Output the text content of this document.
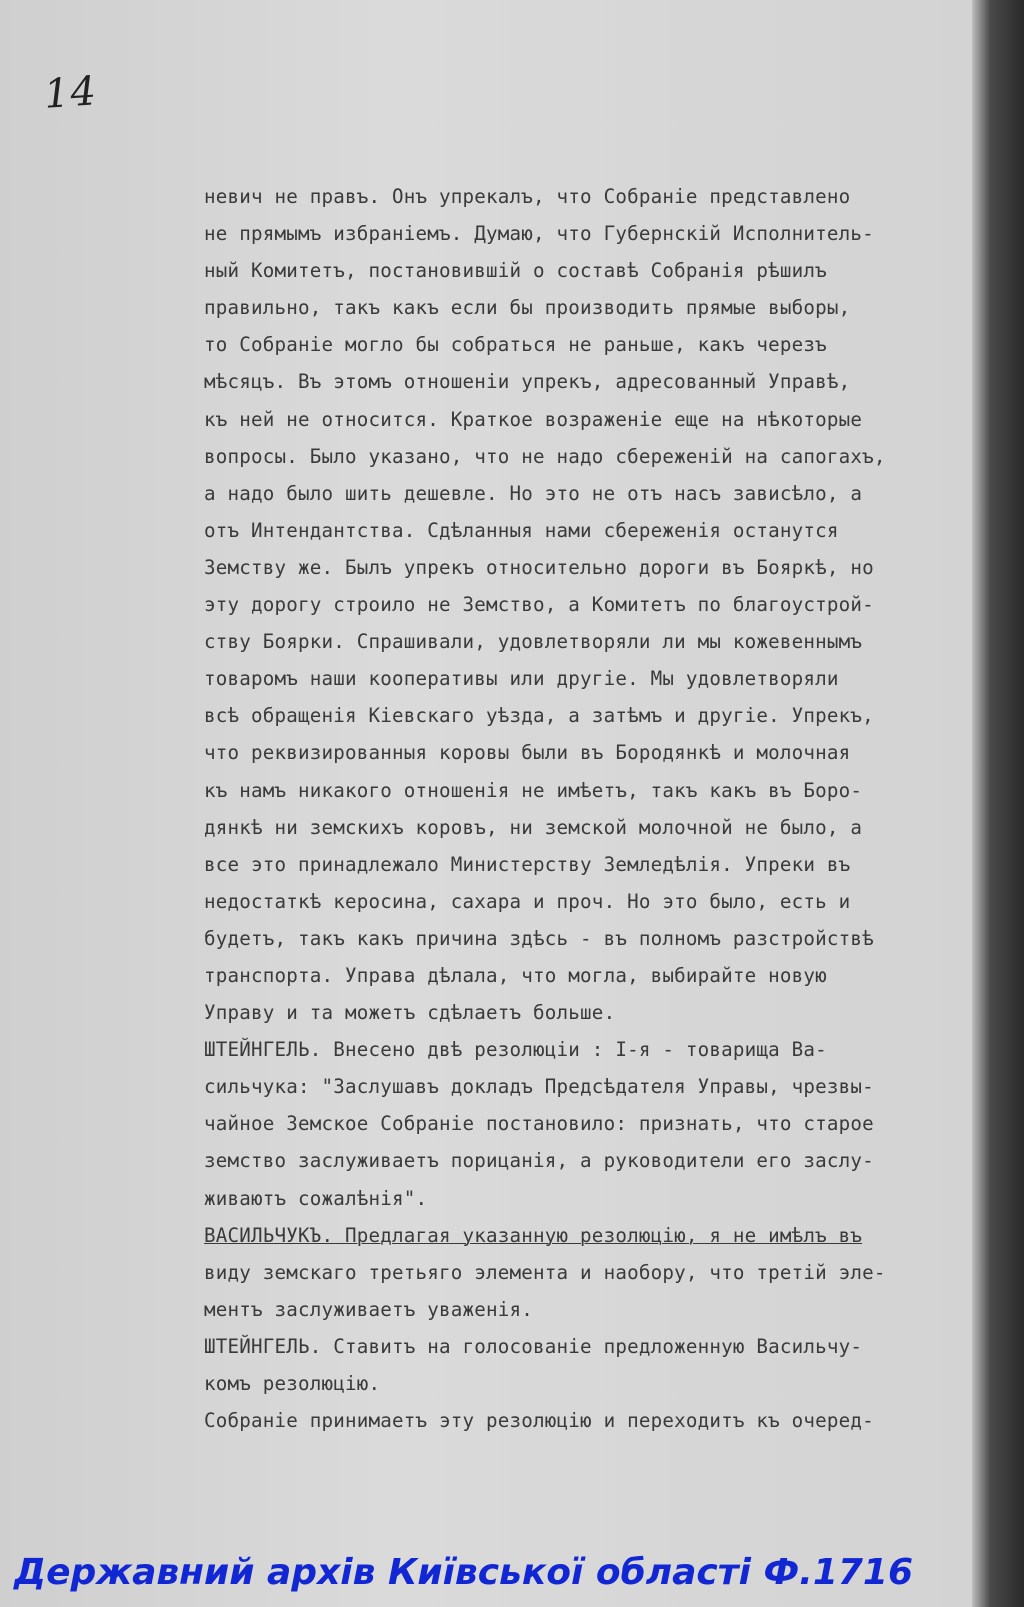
14
невич не правъ. Онъ упрекалъ, что Собраніе представлено
не прямымъ избраніемъ. Думаю, что Губернскій Исполнитель-
ный Комитетъ, постановившій о составѣ Собранія рѣшилъ
правильно, такъ какъ если бы производить прямые выборы,
то Собраніе могло бы собраться не раньше, какъ черезъ
мѣсяцъ. Въ этомъ отношеніи упрекъ, адресованный Управѣ,
къ ней не относится. Краткое возраженіе еще на нѣкоторые
вопросы. Было указано, что не надо сбереженій на сапогахъ,
а надо было шить дешевле. Но это не отъ насъ зависѣло, а
отъ Интендантства. Сдѣланныя нами сбереженія останутся
Земству же. Былъ упрекъ относительно дороги въ Бояркѣ, но
эту дорогу строило не Земство, а Комитетъ по благоустрой-
ству Боярки. Спрашивали, удовлетворяли ли мы кожевеннымъ
товаромъ наши кооперативы или другіе. Мы удовлетворяли
всѣ обращенія Кіевскаго уѣзда, а затѣмъ и другіе. Упрекъ,
что реквизированныя коровы были въ Бородянкѣ и молочная
къ намъ никакого отношенія не имѣетъ, такъ какъ въ Боро-
дянкѣ ни земскихъ коровъ, ни земской молочной не было, а
все это принадлежало Министерству Земледѣлія. Упреки въ
недостаткѣ керосина, сахара и проч. Но это было, есть и
будетъ, такъ какъ причина здѣсь - въ полномъ разстройствѣ
транспорта. Управа дѣлала, что могла, выбирайте новую
Управу и та можетъ сдѣлаетъ больше.
ШТЕЙНГЕЛЬ. Внесено двѣ резолюціи : I-я - товарища Ва-
сильчука: "Заслушавъ докладъ Предсѣдателя Управы, чрезвы-
чайное Земское Собраніе постановило: признать, что старое
земство заслуживаетъ порицанія, а руководители его заслу-
живаютъ сожалѣнія".
ВАСИЛЬЧУКЪ. Предлагая указанную резолюцію, я не имѣлъ въ
виду земскаго третьяго элемента и наобору, что третій эле-
ментъ заслуживаетъ уваженія.
ШТЕЙНГЕЛЬ. Ставитъ на голосованіе предложенную Васильчу-
комъ резолюцію.
Собраніе принимаетъ эту резолюцію и переходитъ къ очеред-
Державний архів Київської області Ф.1716
